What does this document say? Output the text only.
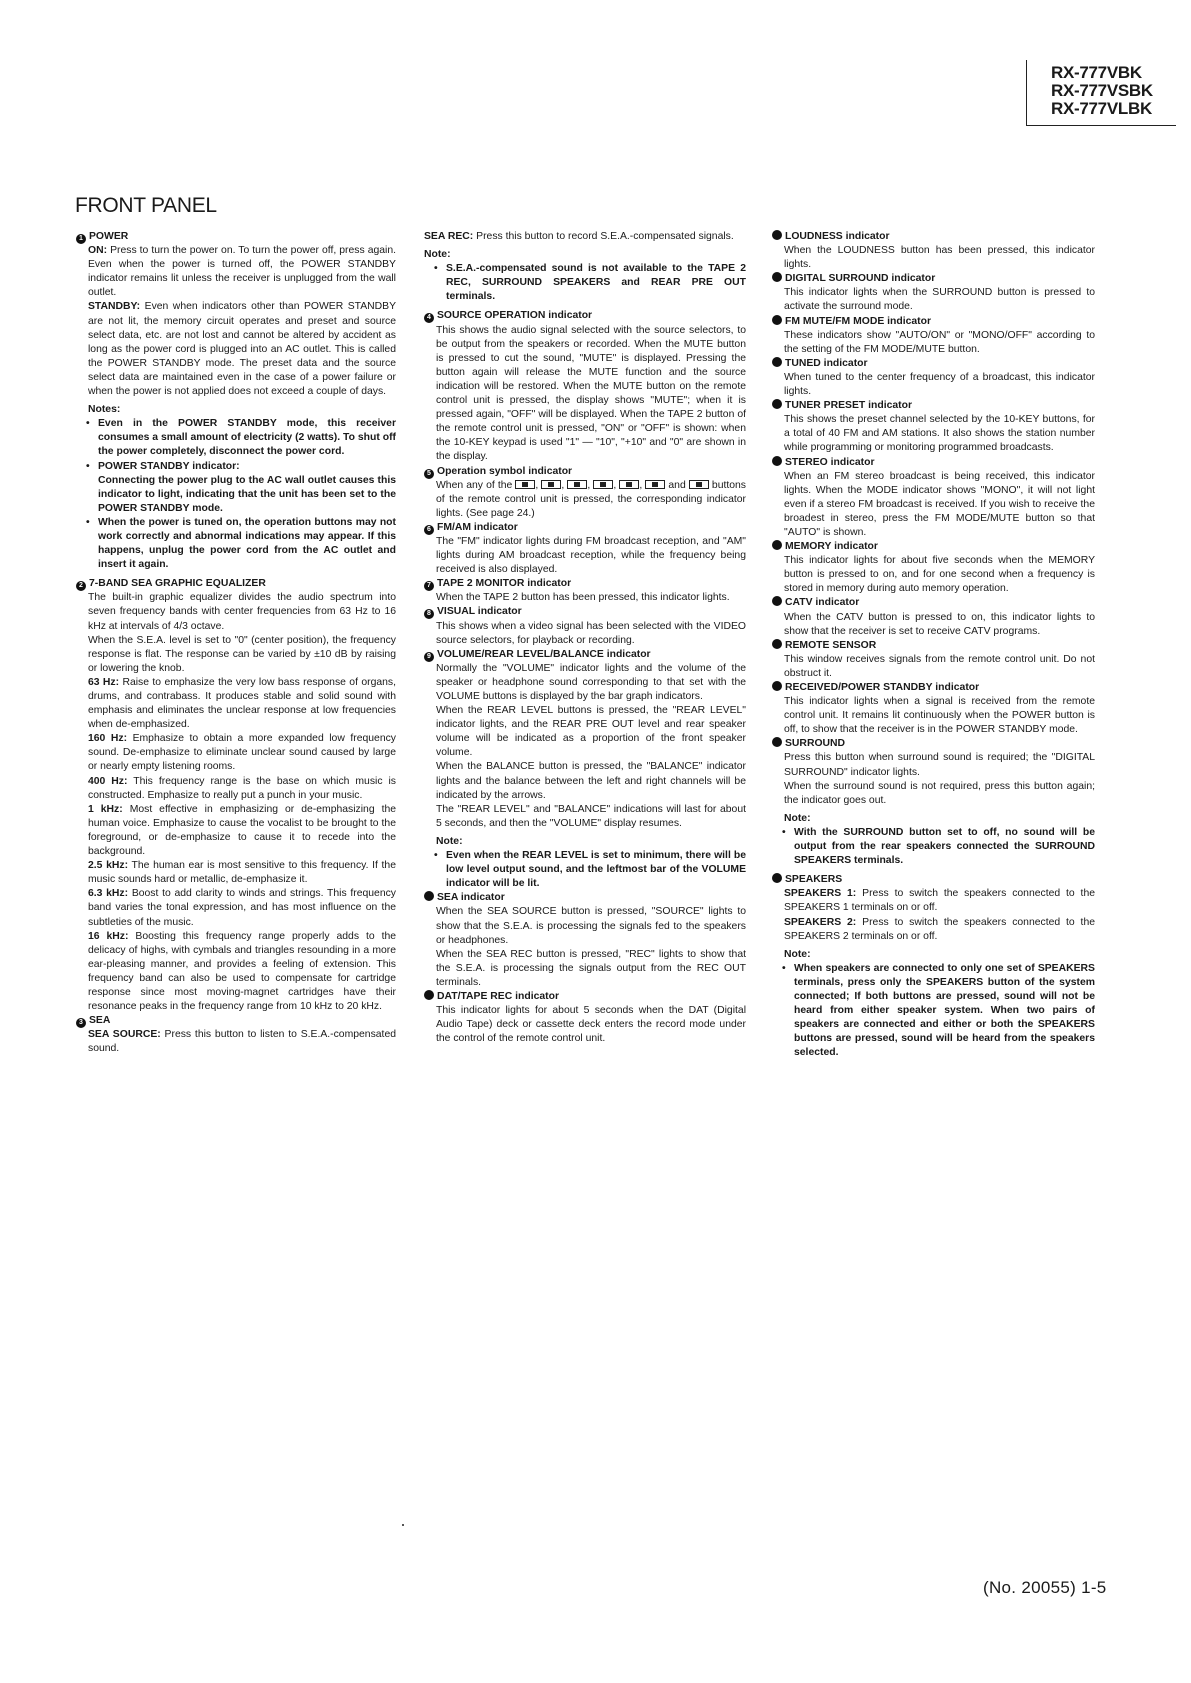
RX-777VBK
RX-777VSBK
RX-777VLBK
FRONT PANEL

1 POWER

ON: Press to turn the power on. To turn the power off, press again. Even when the power is turned off, the POWER STANDBY indicator remains lit unless the receiver is unplugged from the wall outlet.

STANDBY: Even when indicators other than POWER STANDBY are not lit, the memory circuit operates and preset and source select data, etc. are not lost and cannot be altered by accident as long as the power cord is plugged into an AC outlet. This is called the POWER STANDBY mode. The preset data and the source select data are maintained even in the case of a power failure or when the power is not applied does not exceed a couple of days.

Notes:

• Even in the POWER STANDBY mode, this receiver consumes a small amount of electricity (2 watts). To shut off the power completely, disconnect the power cord.

• POWER STANDBY indicator:

Connecting the power plug to the AC wall outlet causes this indicator to light, indicating that the unit has been set to the POWER STANDBY mode.

• When the power is tuned on, the operation buttons may not work correctly and abnormal indications may appear. If this happens, unplug the power cord from the AC outlet and insert it again.

2 7-BAND SEA GRAPHIC EQUALIZER

The built-in graphic equalizer divides the audio spectrum into seven frequency bands with center frequencies from 63 Hz to 16 kHz at intervals of 4/3 octave.

When the S.E.A. level is set to "0" (center position), the frequency response is flat. The response can be varied by ±10 dB by raising or lowering the knob.

63 Hz: Raise to emphasize the very low bass response of organs, drums, and contrabass. It produces stable and solid sound with emphasis and eliminates the unclear response at low frequencies when de-emphasized.

160 Hz: Emphasize to obtain a more expanded low frequency sound. De-emphasize to eliminate unclear sound caused by large or nearly empty listening rooms.

400 Hz: This frequency range is the base on which music is constructed. Emphasize to really put a punch in your music.

1 kHz: Most effective in emphasizing or de-emphasizing the human voice. Emphasize to cause the vocalist to be brought to the foreground, or de-emphasize to cause it to recede into the background.

2.5 kHz: The human ear is most sensitive to this frequency. If the music sounds hard or metallic, de-emphasize it.

6.3 kHz: Boost to add clarity to winds and strings. This frequency band varies the tonal expression, and has most influence on the subtleties of the music.

16 kHz: Boosting this frequency range properly adds to the delicacy of highs, with cymbals and triangles resounding in a more ear-pleasing manner, and provides a feeling of extension. This frequency band can also be used to compensate for cartridge response since most moving-magnet cartridges have their resonance peaks in the frequency range from 10 kHz to 20 kHz.

3 SEA

SEA SOURCE: Press this button to listen to S.E.A.-compensated sound.

SEA REC: Press this button to record S.E.A.-compensated signals.

Note:

• S.E.A.-compensated sound is not available to the TAPE 2 REC, SURROUND SPEAKERS and REAR PRE OUT terminals.

4 SOURCE OPERATION indicator

This shows the audio signal selected with the source selectors, to be output from the speakers or recorded. When the MUTE button is pressed to cut the sound, "MUTE" is displayed. Pressing the button again will release the MUTE function and the source indication will be restored. When the MUTE button on the remote control unit is pressed, the display shows "MUTE"; when it is pressed again, "OFF" will be displayed. When the TAPE 2 button of the remote control unit is pressed, "ON" or "OFF" is shown: when the 10-KEY keypad is used "1" — "10", "+10" and "0" are shown in the display.

5 Operation symbol indicator

When any of the , , , , ,  and	buttons of the remote control unit is pressed, the corresponding indicator lights. (See page 24.)

6 FM/AM indicator

The "FM" indicator lights during FM broadcast reception, and "AM" lights during AM broadcast reception, while the frequency being received is also displayed.

7 TAPE 2 MONITOR indicator

When the TAPE 2 button has been pressed, this indicator lights.

8 VISUAL indicator

This shows when a video signal has been selected with the VIDEO source selectors, for playback or recording.

9 VOLUME/REAR LEVEL/BALANCE indicator

Normally the "VOLUME" indicator lights and the volume of the speaker or headphone sound corresponding to that set with the VOLUME buttons is displayed by the bar graph indicators.

When the REAR LEVEL buttons is pressed, the "REAR LEVEL" indicator lights, and the REAR PRE OUT level and rear speaker volume will be indicated as a proportion of the front speaker volume.

When the BALANCE button is pressed, the "BALANCE" indicator lights and the balance between the left and right channels will be indicated by the arrows.

The "REAR LEVEL" and "BALANCE" indications will last for about 5 seconds, and then the "VOLUME" display resumes.

Note:

• Even when the REAR LEVEL is set to minimum, there will be low level output sound, and the leftmost bar of the VOLUME indicator will be lit.

SEA indicator

When the SEA SOURCE button is pressed, "SOURCE" lights to show that the S.E.A. is processing the signals fed to the speakers or headphones.

When the SEA REC button is pressed, "REC" lights to show that the S.E.A. is processing the signals output from the REC OUT terminals.

DAT/TAPE REC indicator

This indicator lights for about 5 seconds when the DAT (Digital Audio Tape) deck or cassette deck enters the record mode under the control of the remote control unit.

LOUDNESS indicator

When the LOUDNESS button has been pressed, this indicator lights.

DIGITAL SURROUND indicator

This indicator lights when the SURROUND button is pressed to activate the surround mode.

FM MUTE/FM MODE indicator

These indicators show "AUTO/ON" or "MONO/OFF" according to the setting of the FM MODE/MUTE button.

TUNED indicator

When tuned to the center frequency of a broadcast, this indicator lights.

TUNER PRESET indicator

This shows the preset channel selected by the 10-KEY buttons, for a total of 40 FM and AM stations. It also shows the station number while programming or monitoring programmed broadcasts.

STEREO indicator

When an FM stereo broadcast is being received, this indicator lights. When the MODE indicator shows "MONO", it will not light even if a stereo FM broadcast is received. If you wish to receive the broadest in stereo, press the FM MODE/MUTE button so that "AUTO" is shown.

MEMORY indicator

This indicator lights for about five seconds when the MEMORY button is pressed to on, and for one second when a frequency is stored in memory during auto memory operation.

CATV indicator

When the CATV button is pressed to on, this indicator lights to show that the receiver is set to receive CATV programs.

REMOTE SENSOR

This window receives signals from the remote control unit. Do not obstruct it.

RECEIVED/POWER STANDBY indicator

This indicator lights when a signal is received from the remote control unit. It remains lit continuously when the POWER button is off, to show that the receiver is in the POWER STANDBY mode.

SURROUND

Press this button when surround sound is required; the "DIGITAL SURROUND" indicator lights.

When the surround sound is not required, press this button again; the indicator goes out.

Note:

• With the SURROUND button set to off, no sound will be output from the rear speakers connected the SURROUND SPEAKERS terminals.

SPEAKERS

SPEAKERS 1: Press to switch the speakers connected to the SPEAKERS 1 terminals on or off.

SPEAKERS 2: Press to switch the speakers connected to the SPEAKERS 2 terminals on or off.

Note:

• When speakers are connected to only one set of SPEAKERS terminals, press only the SPEAKERS button of the system connected; If both buttons are pressed, sound will not be heard from either speaker system. When two pairs of speakers are connected and either or both the SPEAKERS buttons are pressed, sound will be heard from the speakers selected.

(No. 20055) 1-5
